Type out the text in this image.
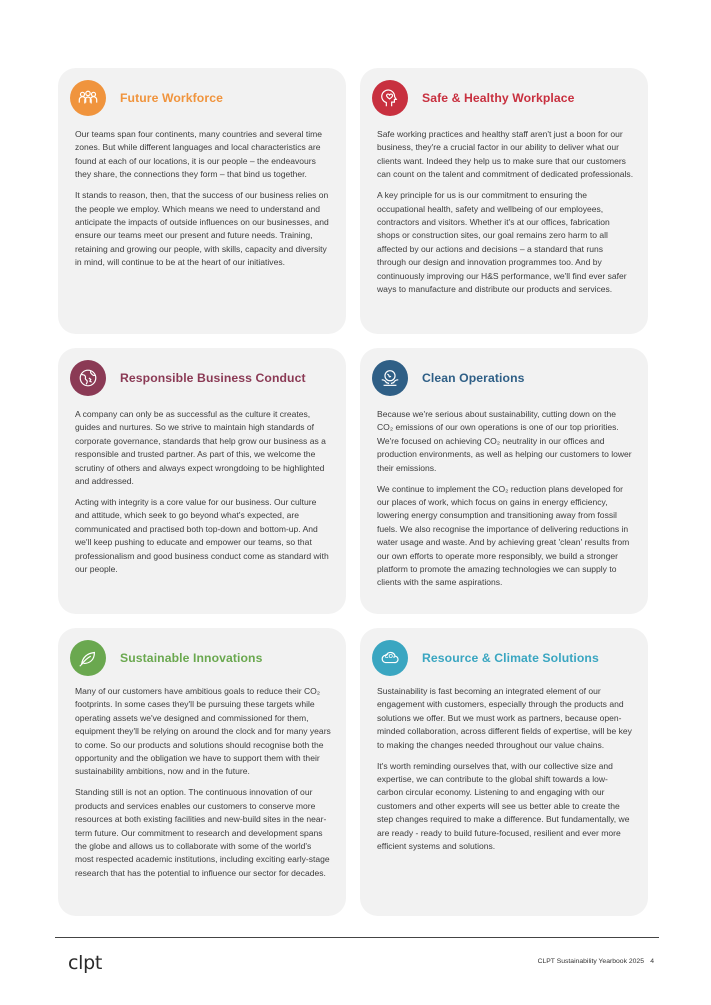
Future Workforce

Our teams span four continents, many countries and several time zones. But while different languages and local characteristics are found at each of our locations, it is our people – the endeavours they share, the connections they form – that bind us together.

It stands to reason, then, that the success of our business relies on the people we employ. Which means we need to understand and anticipate the impacts of outside influences on our businesses, and ensure our teams meet our present and future needs. Training, retaining and growing our people, with skills, capacity and diversity in mind, will continue to be at the heart of our initiatives.

Safe & Healthy Workplace

Safe working practices and healthy staff aren't just a boon for our business, they're a crucial factor in our ability to deliver what our clients want. Indeed they help us to make sure that our customers can count on the talent and commitment of dedicated professionals.

A key principle for us is our commitment to ensuring the occupational health, safety and wellbeing of our employees, contractors and visitors. Whether it's at our offices, fabrication shops or construction sites, our goal remains zero harm to all affected by our actions and decisions – a standard that runs through our design and innovation programmes too. And by continuously improving our H&S performance, we'll find ever safer ways to manufacture and distribute our products and services.

Responsible Business Conduct

A company can only be as successful as the culture it creates, guides and nurtures. So we strive to maintain high standards of corporate governance, standards that help grow our business as a responsible and trusted partner. As part of this, we welcome the scrutiny of others and always expect wrongdoing to be highlighted and addressed.

Acting with integrity is a core value for our business. Our culture and attitude, which seek to go beyond what's expected, are communicated and practised both top-down and bottom-up. And we'll keep pushing to educate and empower our teams, so that professionalism and good business conduct come as standard with our people.

Clean Operations

Because we're serious about sustainability, cutting down on the CO₂ emissions of our own operations is one of our top priorities. We're focused on achieving CO₂ neutrality in our offices and production environments, as well as helping our customers to lower their emissions.

We continue to implement the CO₂ reduction plans developed for our places of work, which focus on gains in energy efficiency, lowering energy consumption and transitioning away from fossil fuels. We also recognise the importance of delivering reductions in water usage and waste. And by achieving great 'clean' results from our own efforts to operate more responsibly, we build a stronger platform to promote the amazing technologies we can supply to clients with the same aspirations.

Sustainable Innovations

Many of our customers have ambitious goals to reduce their CO₂ footprints. In some cases they'll be pursuing these targets while operating assets we've designed and commissioned for them, equipment they'll be relying on around the clock and for many years to come. So our products and solutions should recognise both the opportunity and the obligation we have to support them with their sustainability ambitions, now and in the future.

Standing still is not an option. The continuous innovation of our products and services enables our customers to conserve more resources at both existing facilities and new-build sites in the near-term future. Our commitment to research and development spans the globe and allows us to collaborate with some of the world's most respected academic institutions, including exciting early-stage research that has the potential to influence our sector for decades.

CO₂	Resource & Climate Solutions

Sustainability is fast becoming an integrated element of our engagement with customers, especially through the products and solutions we offer. But we must work as partners, because open-minded collaboration, across different fields of expertise, will be key to making the changes needed throughout our value chains.

It's worth reminding ourselves that, with our collective size and expertise, we can contribute to the global shift towards a low-carbon circular economy. Listening to and engaging with our customers and other experts will see us better able to create the step changes required to make a difference. But fundamentally, we are ready - ready to build future-focused, resilient and ever more efficient systems and solutions.

clpt	CLPT Sustainability Yearbook 2025 4
